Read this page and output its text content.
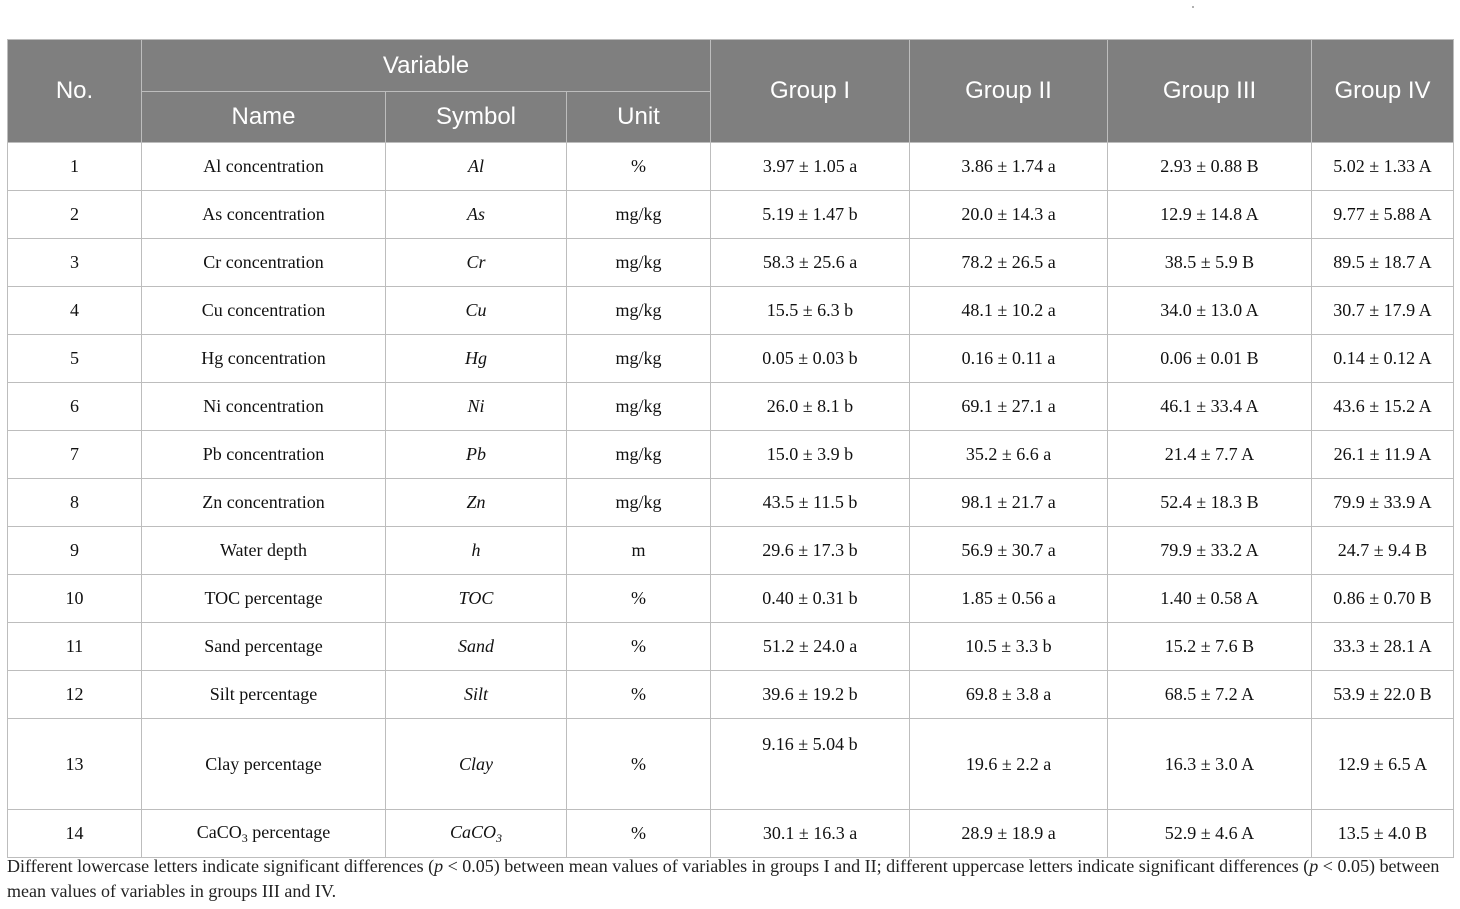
No.	Variable			Group I	Group II	Group III	Group IV
	Name	Symbol	Unit				
1	Al concentration	Al	%	3.97 ± 1.05 a	3.86 ± 1.74 a	2.93 ± 0.88 B	5.02 ± 1.33 A
2	As concentration	As	mg/kg	5.19 ± 1.47 b	20.0 ± 14.3 a	12.9 ± 14.8 A	9.77 ± 5.88 A
3	Cr concentration	Cr	mg/kg	58.3 ± 25.6 a	78.2 ± 26.5 a	38.5 ± 5.9 B	89.5 ± 18.7 A
4	Cu concentration	Cu	mg/kg	15.5 ± 6.3 b	48.1 ± 10.2 a	34.0 ± 13.0 A	30.7 ± 17.9 A
5	Hg concentration	Hg	mg/kg	0.05 ± 0.03 b	0.16 ± 0.11 a	0.06 ± 0.01 B	0.14 ± 0.12 A
6	Ni concentration	Ni	mg/kg	26.0 ± 8.1 b	69.1 ± 27.1 a	46.1 ± 33.4 A	43.6 ± 15.2 A
7	Pb concentration	Pb	mg/kg	15.0 ± 3.9 b	35.2 ± 6.6 a	21.4 ± 7.7 A	26.1 ± 11.9 A
8	Zn concentration	Zn	mg/kg	43.5 ± 11.5 b	98.1 ± 21.7 a	52.4 ± 18.3 B	79.9 ± 33.9 A
9	Water depth	h	m	29.6 ± 17.3 b	56.9 ± 30.7 a	79.9 ± 33.2 A	24.7 ± 9.4 B
10	TOC percentage	TOC	%	0.40 ± 0.31 b	1.85 ± 0.56 a	1.40 ± 0.58 A	0.86 ± 0.70 B
11	Sand percentage	Sand	%	51.2 ± 24.0 a	10.5 ± 3.3 b	15.2 ± 7.6 B	33.3 ± 28.1 A
12	Silt percentage	Silt	%	39.6 ± 19.2 b	69.8 ± 3.8 a	68.5 ± 7.2 A	53.9 ± 22.0 B
13	Clay percentage	Clay	%	9.16 ± 5.04 b	19.6 ± 2.2 a	16.3 ± 3.0 A	12.9 ± 6.5 A
14	CaCO$_3$ percentage	CaCO$_3$	%	30.1 ± 16.3 a	28.9 ± 18.9 a	52.9 ± 4.6 A	13.5 ± 4.0 B
Different lowercase letters indicate significant differences (p < 0.05) between mean values of variables in groups I and II; different uppercase letters indicate significant differences (p < 0.05) between mean values of variables in groups III and IV.
